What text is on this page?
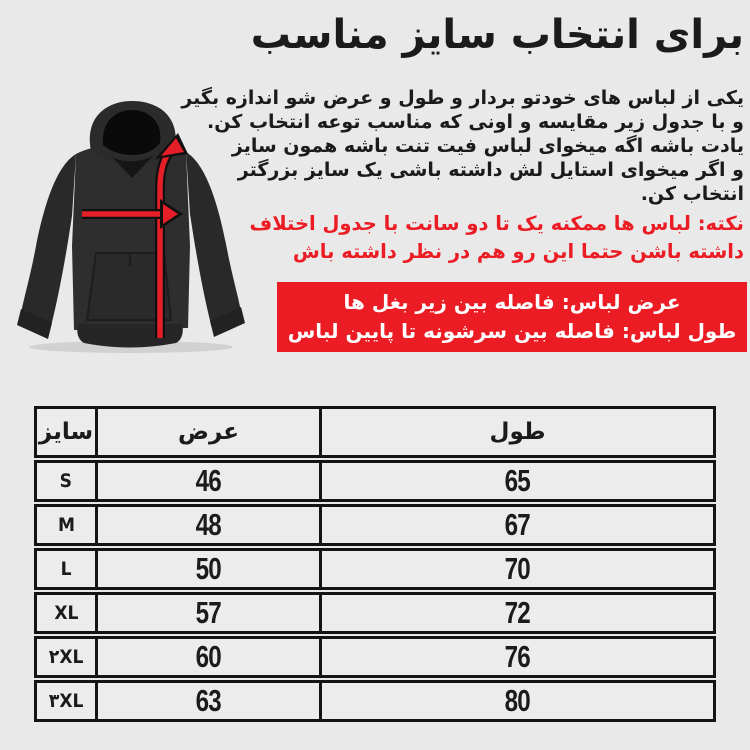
برای انتخاب سایز مناسب
یکی از لباس های خودتو بردار و طول و عرض شو اندازه بگیر
و با جدول زیر مقایسه و اونی که مناسب توعه انتخاب کن.
یادت باشه اگه میخوای لباس فیت تنت باشه همون سایز
و اگر میخوای استایل لش داشته باشی یک سایز بزرگتر
انتخاب کن.
نکته: لباس ها ممکنه یک تا دو سانت با جدول اختلاف
داشته باشن حتما این رو هم در نظر داشته باش
عرض لباس: فاصله بین زیر بغل ها
طول لباس: فاصله بین سرشونه تا پایین لباس
سایز	عرض	طول
S	46	65
M	48	67
L	50	70
XL	57	72
۲XL	60	76
۳XL	63	80
